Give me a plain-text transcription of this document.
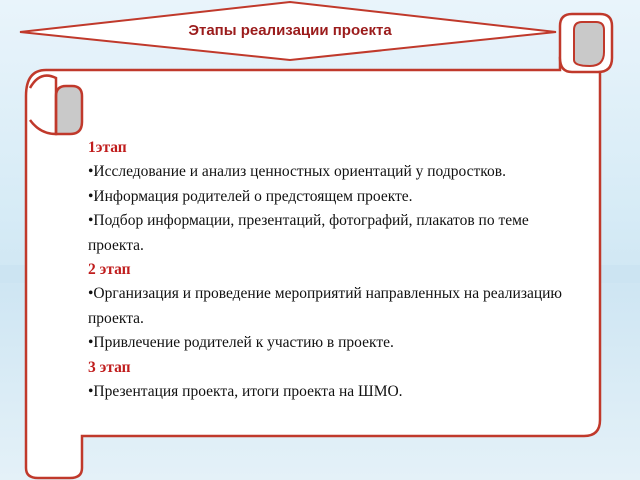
Этапы реализации проекта
1этап

•Исследование и анализ ценностных ориентаций у подростков.

•Информация родителей о предстоящем проекте.

•Подбор информации, презентаций, фотографий, плакатов по теме проекта.

2 этап

•Организация и проведение мероприятий направленных на реализацию проекта.

•Привлечение родителей к участию в проекте.

3 этап

•Презентация проекта, итоги проекта на ШМО.
